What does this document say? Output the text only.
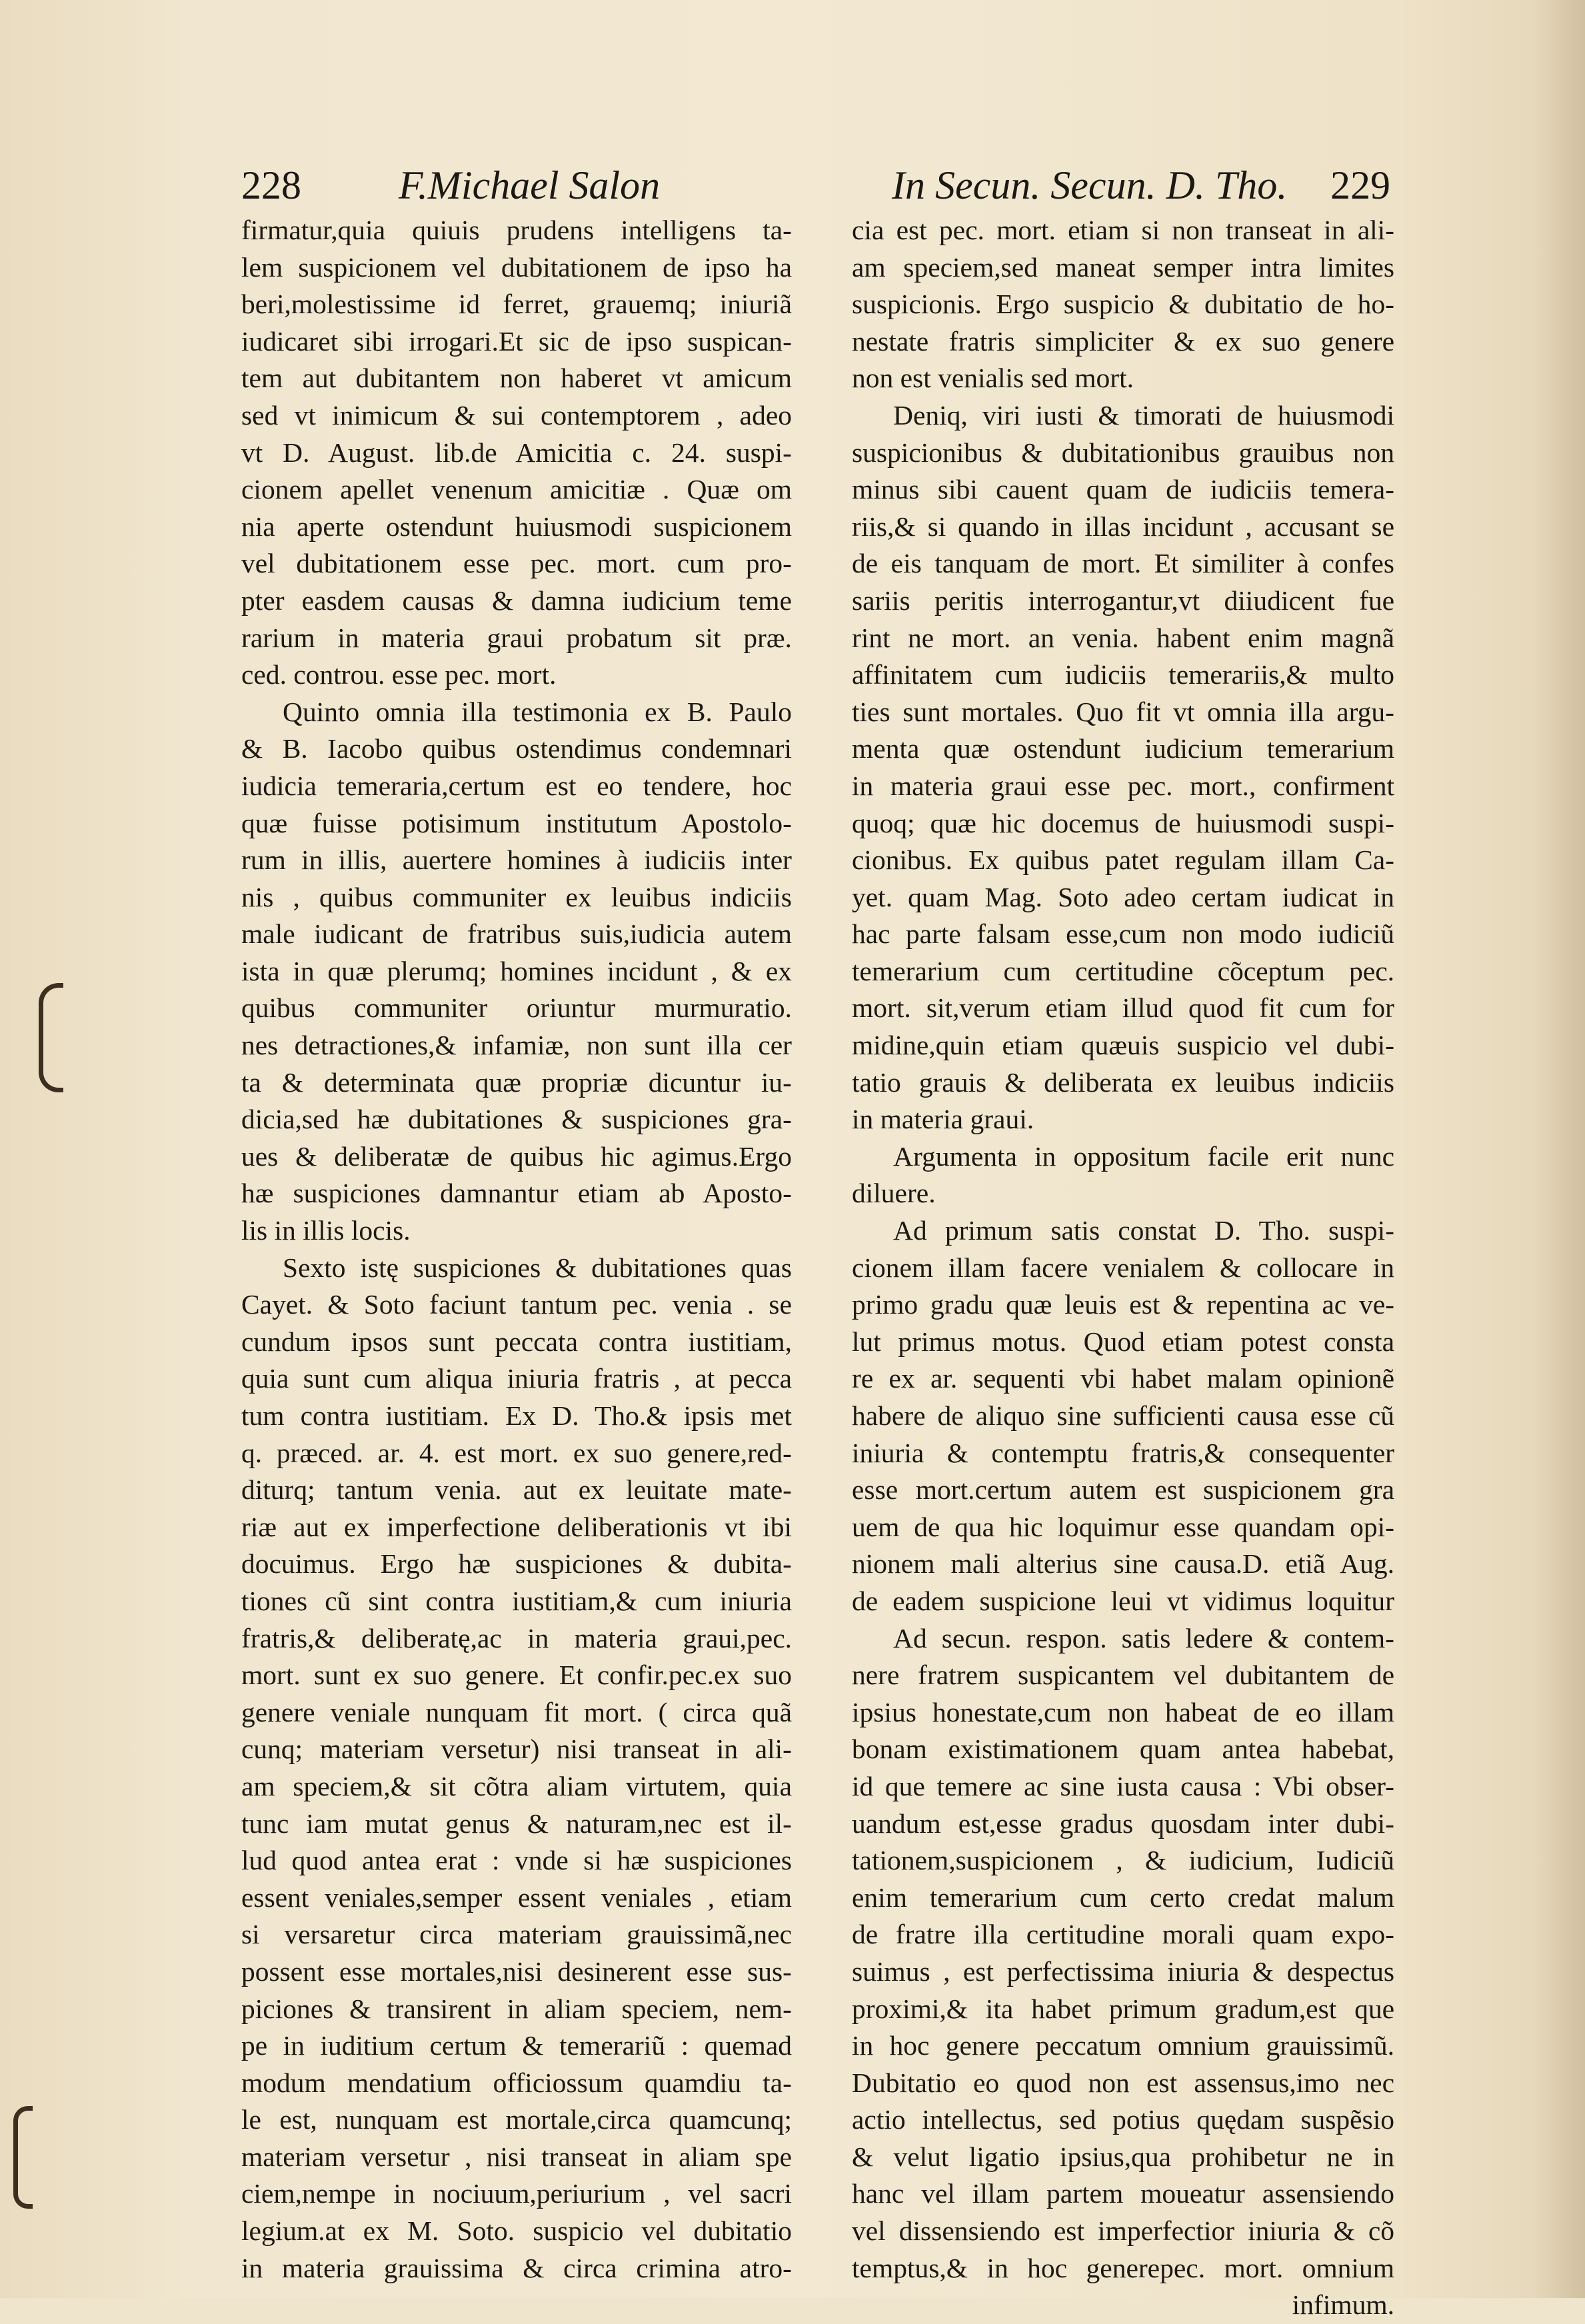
228 F.Michael Salon	In Secun. Secun. D. Tho. 229
firmatur,quia quiuis prudens intelligens ta-
lem suspicionem vel dubitationem de ipso ha
beri,molestissime id ferret, grauemq; iniuriã
iudicaret sibi irrogari.Et sic de ipso suspican-
tem aut dubitantem non haberet vt amicum
sed vt inimicum & sui contemptorem , adeo
vt D. August. lib.de Amicitia c. 24. suspi-
cionem apellet venenum amicitiæ . Quæ om
nia aperte ostendunt huiusmodi suspicionem
vel dubitationem esse pec. mort. cum pro-
pter easdem causas & damna iudicium teme
rarium in materia graui probatum sit præ.
ced. controu. esse pec. mort.
Quinto omnia illa testimonia ex B. Paulo
& B. Iacobo quibus ostendimus condemnari
iudicia temeraria,certum est eo tendere, hoc
quæ fuisse potisimum institutum Apostolo-
rum in illis, auertere homines à iudiciis inter
nis , quibus communiter ex leuibus indiciis
male iudicant de fratribus suis,iudicia autem
ista in quæ plerumq; homines incidunt , & ex
quibus communiter oriuntur murmuratio.
nes detractiones,& infamiæ, non sunt illa cer
ta & determinata quæ propriæ dicuntur iu-
dicia,sed hæ dubitationes & suspiciones gra-
ues & deliberatæ de quibus hic agimus.Ergo
hæ suspiciones damnantur etiam ab Aposto-
lis in illis locis.
Sexto istę suspiciones & dubitationes quas
Cayet. & Soto faciunt tantum pec. venia . se
cundum ipsos sunt peccata contra iustitiam,
quia sunt cum aliqua iniuria fratris , at pecca
tum contra iustitiam. Ex D. Tho.& ipsis met
q. præced. ar. 4. est mort. ex suo genere,red-
diturq; tantum venia. aut ex leuitate mate-
riæ aut ex imperfectione deliberationis vt ibi
docuimus. Ergo hæ suspiciones & dubita-
tiones cũ sint contra iustitiam,& cum iniuria
fratris,& deliberatę,ac in materia graui,pec.
mort. sunt ex suo genere. Et confir.pec.ex suo
genere veniale nunquam fit mort. ( circa quã
cunq; materiam versetur) nisi transeat in ali-
am speciem,& sit cõtra aliam virtutem, quia
tunc iam mutat genus & naturam,nec est il-
lud quod antea erat : vnde si hæ suspiciones
essent veniales,semper essent veniales , etiam
si versaretur circa materiam grauissimã,nec
possent esse mortales,nisi desinerent esse sus-
piciones & transirent in aliam speciem, nem-
pe in iuditium certum & temerariũ : quemad
modum mendatium officiossum quamdiu ta-
le est, nunquam est mortale,circa quamcunq;
materiam versetur , nisi transeat in aliam spe
ciem,nempe in nociuum,periurium , vel sacri
legium.at ex M. Soto. suspicio vel dubitatio
in materia grauissima & circa crimina atro-
cia est pec. mort. etiam si non transeat in ali-
am speciem,sed maneat semper intra limites
suspicionis. Ergo suspicio & dubitatio de ho-
nestate fratris simpliciter & ex suo genere
non est venialis sed mort.
Deniq, viri iusti & timorati de huiusmodi
suspicionibus & dubitationibus grauibus non
minus sibi cauent quam de iudiciis temera-
riis,& si quando in illas incidunt , accusant se
de eis tanquam de mort. Et similiter à confes
sariis peritis interrogantur,vt diiudicent fue
rint ne mort. an venia. habent enim magnã
affinitatem cum iudiciis temerariis,& multo
ties sunt mortales. Quo fit vt omnia illa argu-
menta quæ ostendunt iudicium temerarium
in materia graui esse pec. mort., confirment
quoq; quæ hic docemus de huiusmodi suspi-
cionibus. Ex quibus patet regulam illam Ca-
yet. quam Mag. Soto adeo certam iudicat in
hac parte falsam esse,cum non modo iudiciũ
temerarium cum certitudine cõceptum pec.
mort. sit,verum etiam illud quod fit cum for
midine,quin etiam quæuis suspicio vel dubi-
tatio grauis & deliberata ex leuibus indiciis
in materia graui.
Argumenta in oppositum facile erit nunc
diluere.
Ad primum satis constat D. Tho. suspi-
cionem illam facere venialem & collocare in
primo gradu quæ leuis est & repentina ac ve-
lut primus motus. Quod etiam potest consta
re ex ar. sequenti vbi habet malam opinionẽ
habere de aliquo sine sufficienti causa esse cũ
iniuria & contemptu fratris,& consequenter
esse mort.certum autem est suspicionem gra
uem de qua hic loquimur esse quandam opi-
nionem mali alterius sine causa.D. etiã Aug.
de eadem suspicione leui vt vidimus loquitur
Ad secun. respon. satis ledere & contem-
nere fratrem suspicantem vel dubitantem de
ipsius honestate,cum non habeat de eo illam
bonam existimationem quam antea habebat,
id que temere ac sine iusta causa : Vbi obser-
uandum est,esse gradus quosdam inter dubi-
tationem,suspicionem , & iudicium, Iudiciũ
enim temerarium cum certo credat malum
de fratre illa certitudine morali quam expo-
suimus , est perfectissima iniuria & despectus
proximi,& ita habet primum gradum,est que
in hoc genere peccatum omnium grauissimũ.
Dubitatio eo quod non est assensus,imo nec
actio intellectus, sed potius quędam suspẽsio
& velut ligatio ipsius,qua prohibetur ne in
hanc vel illam partem moueatur assensiendo
vel dissensiendo est imperfectior iniuria & cõ
temptus,& in hoc generepec. mort. omnium
infimum.
